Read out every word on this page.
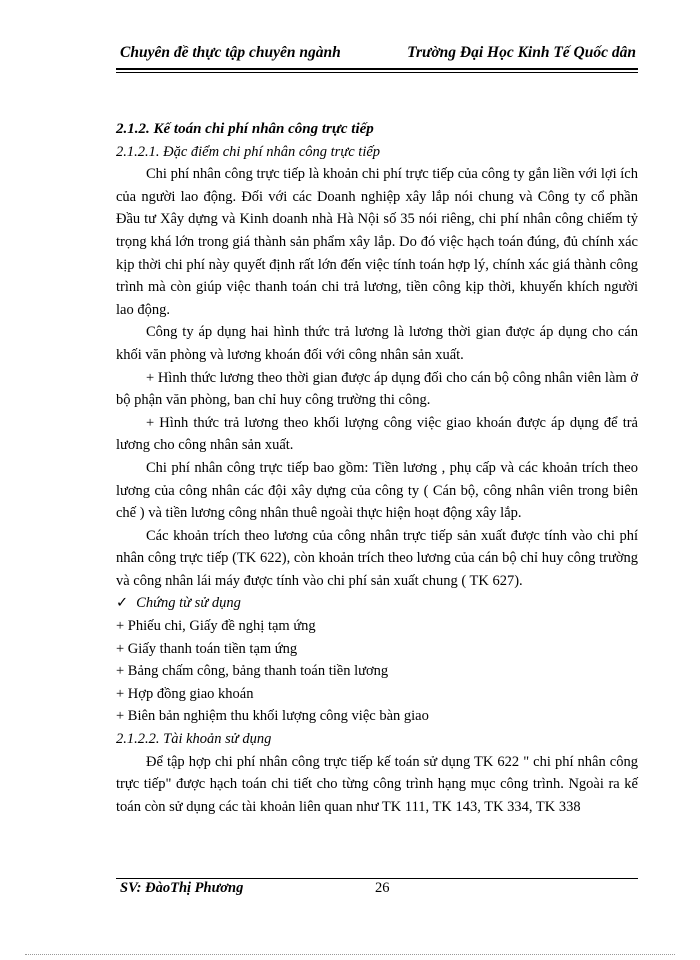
Chuyên đề thực tập chuyên ngành	Trường Đại Học Kinh Tế Quốc dân

2.1.2. Kế toán chi phí nhân công trực tiếp

2.1.2.1. Đặc điểm chi phí nhân công trực tiếp

Chi phí nhân công trực tiếp là khoản chi phí trực tiếp của công ty gắn liền với lợi ích của người lao động. Đối với các Doanh nghiệp xây lắp nói chung và Công ty cổ phần Đầu tư Xây dựng và Kinh doanh nhà Hà Nội số 35 nói riêng, chi phí nhân công chiếm tỷ trọng khá lớn trong giá thành sản phẩm xây lắp. Do đó việc hạch toán đúng, đủ chính xác kịp thời chi phí này quyết định rất lớn đến việc tính toán hợp lý, chính xác giá thành công trình mà còn giúp việc thanh toán chi trả lương, tiền công kịp thời, khuyến khích người lao động.

Công ty áp dụng hai hình thức trả lương là lương thời gian được áp dụng cho cán khối văn phòng và lương khoán đối với công nhân sản xuất.

+ Hình thức lương theo thời gian được áp dụng đối cho cán bộ công nhân viên làm ở bộ phận văn phòng, ban chỉ huy công trường thi công.

+ Hình thức trả lương theo khối lượng công việc giao khoán được áp dụng để trả lương cho công nhân sản xuất.

Chi phí nhân công trực tiếp bao gồm: Tiền lương , phụ cấp và các khoản trích theo lương của công nhân các đội xây dựng của công ty ( Cán bộ, công nhân viên trong biên chế ) và tiền lương công nhân thuê ngoài thực hiện hoạt động xây lắp.

Các khoản trích theo lương của công nhân trực tiếp sản xuất được tính vào chi phí nhân công trực tiếp (TK 622), còn khoản trích theo lương của cán bộ chỉ huy công trường và công nhân lái máy được tính vào chi phí sản xuất chung ( TK 627).

✓ Chứng từ sử dụng

+ Phiếu chi, Giấy đề nghị tạm ứng

+ Giấy thanh toán tiền tạm ứng

+ Bảng chấm công, bảng thanh toán tiền lương

+ Hợp đồng giao khoán

+ Biên bản nghiệm thu khối lượng công việc bàn giao

2.1.2.2. Tài khoản sử dụng

Để tập hợp chi phí nhân công trực tiếp kế toán sử dụng TK 622 " chi phí nhân công trực tiếp" được hạch toán chi tiết cho từng công trình hạng mục công trình. Ngoài ra kế toán còn sử dụng các tài khoản liên quan như TK 111, TK 143, TK 334, TK 338

SV: ĐàoThị Phương	26
